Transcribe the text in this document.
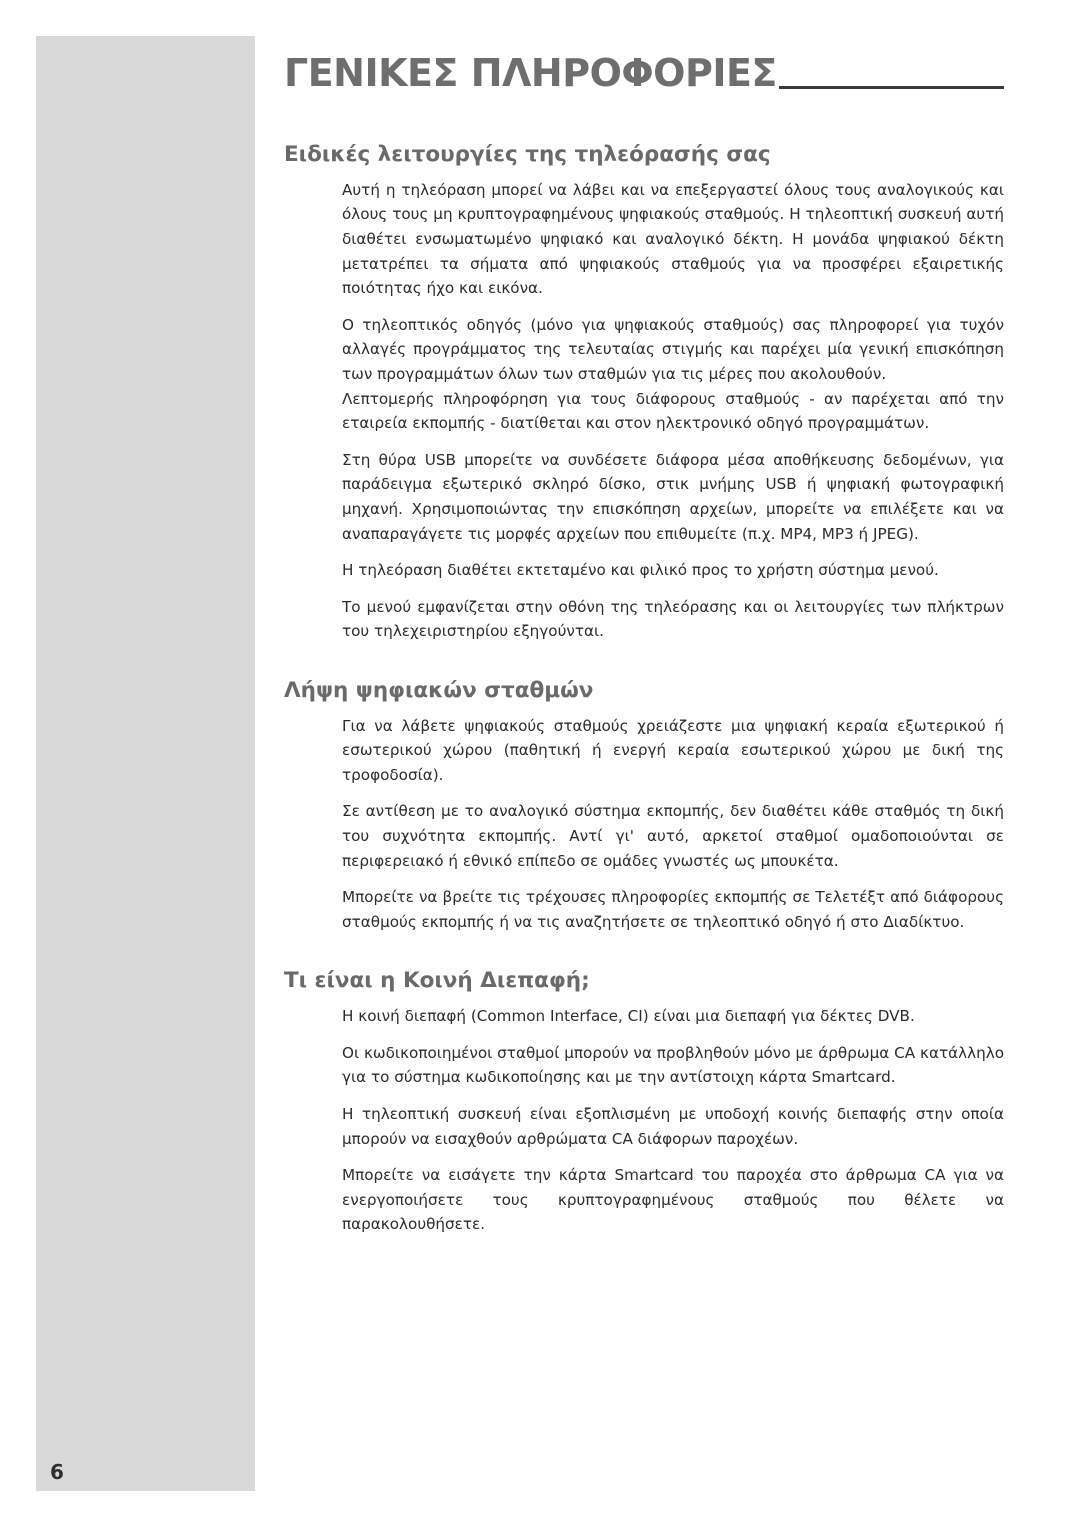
6
ΓΕΝΙΚΕΣ ΠΛΗΡΟΦΟΡΙΕΣ
Ειδικές λειτουργίες της τηλεόρασής σας

Αυτή η τηλεόραση μπορεί να λάβει και να επεξεργαστεί όλους τους αναλογικούς και όλους τους μη κρυπτογραφημένους ψηφιακούς σταθμούς. Η τηλεοπτική συσκευή αυτή διαθέτει ενσωματωμένο ψηφιακό και αναλογικό δέκτη. Η μονάδα ψηφιακού δέκτη μετατρέπει τα σήματα από ψηφιακούς σταθμούς για να προσφέρει εξαιρετικής ποιότητας ήχο και εικόνα.

Ο τηλεοπτικός οδηγός (μόνο για ψηφιακούς σταθμούς) σας πληροφορεί για τυχόν αλλαγές προγράμματος της τελευταίας στιγμής και παρέχει μία γενική επισκόπηση των προγραμμάτων όλων των σταθμών για τις μέρες που ακολουθούν.

Λεπτομερής πληροφόρηση για τους διάφορους σταθμούς - αν παρέχεται από την εταιρεία εκπομπής - διατίθεται και στον ηλεκτρονικό οδηγό προγραμμάτων.

Στη θύρα USB μπορείτε να συνδέσετε διάφορα μέσα αποθήκευσης δεδομένων, για παράδειγμα εξωτερικό σκληρό δίσκο, στικ μνήμης USB ή ψηφιακή φωτογραφική μηχανή. Χρησιμοποιώντας την επισκόπηση αρχείων, μπορείτε να επιλέξετε και να αναπαραγάγετε τις μορφές αρχείων που επιθυμείτε (π.χ. MP4, MP3 ή JPEG).

Η τηλεόραση διαθέτει εκτεταμένο και φιλικό προς το χρήστη σύστημα μενού.

Το μενού εμφανίζεται στην οθόνη της τηλεόρασης και οι λειτουργίες των πλήκτρων του τηλεχειριστηρίου εξηγούνται.

Λήψη ψηφιακών σταθμών

Για να λάβετε ψηφιακούς σταθμούς χρειάζεστε μια ψηφιακή κεραία εξωτερικού ή εσωτερικού χώρου (παθητική ή ενεργή κεραία εσωτερικού χώρου με δική της τροφοδοσία).

Σε αντίθεση με το αναλογικό σύστημα εκπομπής, δεν διαθέτει κάθε σταθμός τη δική του συχνότητα εκπομπής. Αντί γι' αυτό, αρκετοί σταθμοί ομαδοποιούνται σε περιφερειακό ή εθνικό επίπεδο σε ομάδες γνωστές ως μπουκέτα.

Μπορείτε να βρείτε τις τρέχουσες πληροφορίες εκπομπής σε Τελετέξτ από διάφορους σταθμούς εκπομπής ή να τις αναζητήσετε σε τηλεοπτικό οδηγό ή στο Διαδίκτυο.

Τι είναι η Κοινή Διεπαφή;

Η κοινή διεπαφή (Common Interface, CI) είναι μια διεπαφή για δέκτες DVB.

Οι κωδικοποιημένοι σταθμοί μπορούν να προβληθούν μόνο με άρθρωμα CA κατάλληλο για το σύστημα κωδικοποίησης και με την αντίστοιχη κάρτα Smartcard.

Η τηλεοπτική συσκευή είναι εξοπλισμένη με υποδοχή κοινής διεπαφής στην οποία μπορούν να εισαχθούν αρθρώματα CA διάφορων παροχέων.

Μπορείτε να εισάγετε την κάρτα Smartcard του παροχέα στο άρθρωμα CA για να ενεργοποιήσετε τους κρυπτογραφημένους σταθμούς που θέλετε να παρακολουθήσετε.
